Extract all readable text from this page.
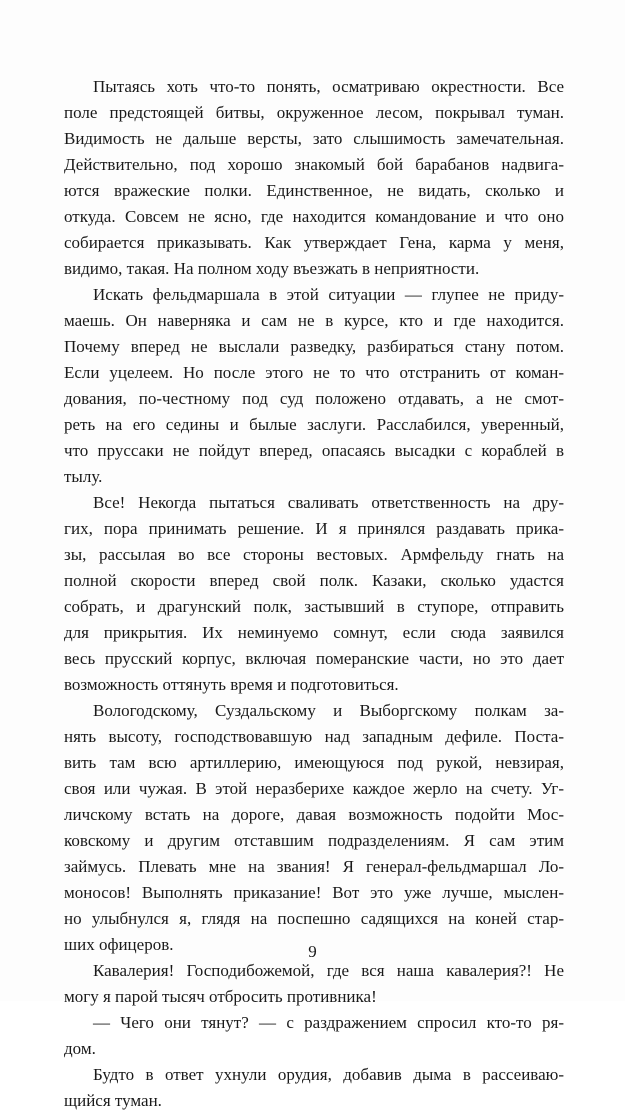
Пытаясь хоть что-то понять, осматриваю окрестности. Все
поле предстоящей битвы, окруженное лесом, покрывал туман.
Видимость не дальше версты, зато слышимость замечательная.
Действительно, под хорошо знакомый бой барабанов надвига-
ются вражеские полки. Единственное, не видать, сколько и
откуда. Совсем не ясно, где находится командование и что оно
собирается приказывать. Как утверждает Гена, карма у меня,
видимо, такая. На полном ходу въезжать в неприятности.
Искать фельдмаршала в этой ситуации — глупее не приду-
маешь. Он наверняка и сам не в курсе, кто и где находится.
Почему вперед не выслали разведку, разбираться стану потом.
Если уцелеем. Но после этого не то что отстранить от коман-
дования, по-честному под суд положено отдавать, а не смот-
реть на его седины и былые заслуги. Расслабился, уверенный,
что пруссаки не пойдут вперед, опасаясь высадки с кораблей в
тылу.
Все! Некогда пытаться сваливать ответственность на дру-
гих, пора принимать решение. И я принялся раздавать прика-
зы, рассылая во все стороны вестовых. Армфельду гнать на
полной скорости вперед свой полк. Казаки, сколько удастся
собрать, и драгунский полк, застывший в ступоре, отправить
для прикрытия. Их неминуемо сомнут, если сюда заявился
весь прусский корпус, включая померанские части, но это дает
возможность оттянуть время и подготовиться.
Вологодскому, Суздальскому и Выборгскому полкам за-
нять высоту, господствовавшую над западным дефиле. Поста-
вить там всю артиллерию, имеющуюся под рукой, невзирая,
своя или чужая. В этой неразберихе каждое жерло на счету. Уг-
личскому встать на дороге, давая возможность подойти Мос-
ковскому и другим отставшим подразделениям. Я сам этим
займусь. Плевать мне на звания! Я генерал-фельдмаршал Ло-
моносов! Выполнять приказание! Вот это уже лучше, мыслен-
но улыбнулся я, глядя на поспешно садящихся на коней стар-
ших офицеров.
Кавалерия! Господибожемой, где вся наша кавалерия?! Не
могу я парой тысяч отбросить противника!
— Чего они тянут? — с раздражением спросил кто-то ря-
дом.
Будто в ответ ухнули орудия, добавив дыма в рассеиваю-
щийся туман.
9
